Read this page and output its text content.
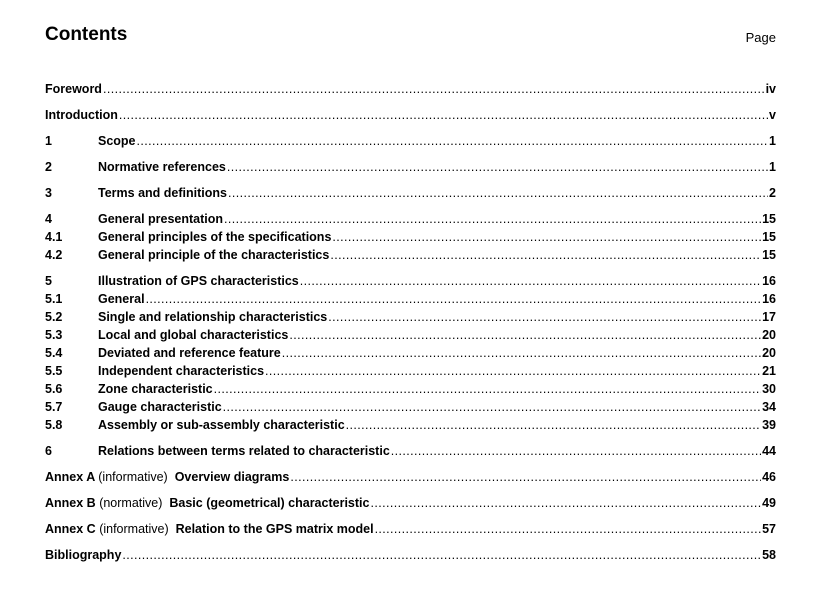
Contents	Page
Foreword .....	iv
Introduction .....	v
1	Scope .....	1
2	Normative references .....	1
3	Terms and definitions .....	2
4	General presentation .....	15
4.1	General principles of the specifications .....	15
4.2	General principle of the characteristics .....	15
5	Illustration of GPS characteristics .....	16
5.1	General .....	16
5.2	Single and relationship characteristics .....	17
5.3	Local and global characteristics .....	20
5.4	Deviated and reference feature .....	20
5.5	Independent characteristics .....	21
5.6	Zone characteristic .....	30
5.7	Gauge characteristic .....	34
5.8	Assembly or sub-assembly characteristic .....	39
6	Relations between terms related to characteristic .....	44
Annex A (informative) Overview diagrams .....	46
Annex B (normative) Basic (geometrical) characteristic .....	49
Annex C (informative) Relation to the GPS matrix model .....	57
Bibliography .....	58
